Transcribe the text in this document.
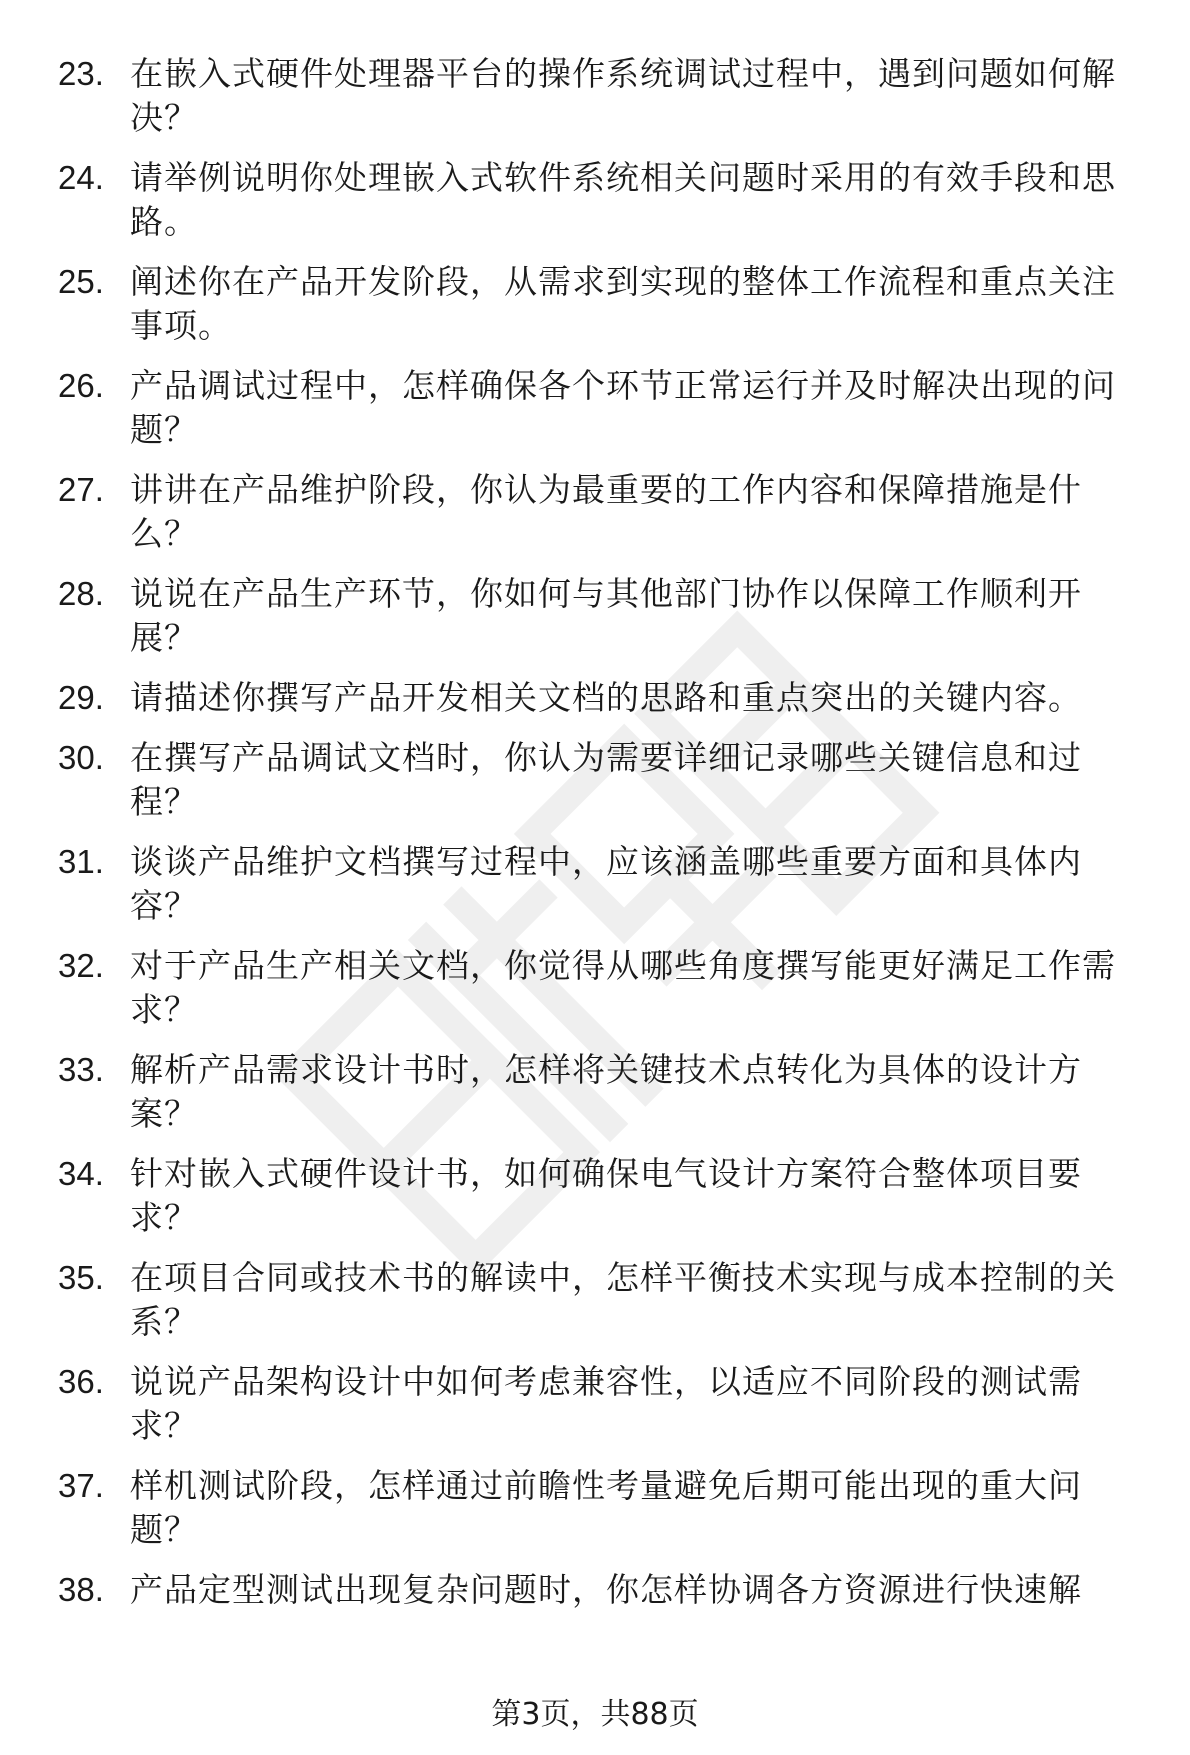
23. 在嵌入式硬件处理器平台的操作系统调试过程中，遇到问题如何解决？
24. 请举例说明你处理嵌入式软件系统相关问题时采用的有效手段和思路。
25. 阐述你在产品开发阶段，从需求到实现的整体工作流程和重点关注事项。
26. 产品调试过程中，怎样确保各个环节正常运行并及时解决出现的问题？
27. 讲讲在产品维护阶段，你认为最重要的工作内容和保障措施是什么？
28. 说说在产品生产环节，你如何与其他部门协作以保障工作顺利开展？
29. 请描述你撰写产品开发相关文档的思路和重点突出的关键内容。
30. 在撰写产品调试文档时，你认为需要详细记录哪些关键信息和过程？
31. 谈谈产品维护文档撰写过程中，应该涵盖哪些重要方面和具体内容？
32. 对于产品生产相关文档，你觉得从哪些角度撰写能更好满足工作需求？
33. 解析产品需求设计书时，怎样将关键技术点转化为具体的设计方案？
34. 针对嵌入式硬件设计书，如何确保电气设计方案符合整体项目要求？
35. 在项目合同或技术书的解读中，怎样平衡技术实现与成本控制的关系？
36. 说说产品架构设计中如何考虑兼容性，以适应不同阶段的测试需求？
37. 样机测试阶段，怎样通过前瞻性考量避免后期可能出现的重大问题？
38. 产品定型测试出现复杂问题时，你怎样协调各方资源进行快速解
第3页，共88页
